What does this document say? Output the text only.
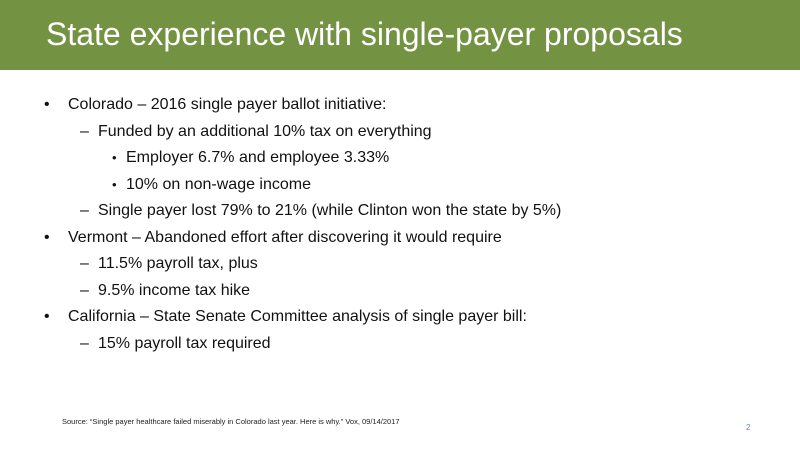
State experience with single-payer proposals
• Colorado – 2016 single payer ballot initiative:
– Funded by an additional 10% tax on everything
• Employer 6.7% and employee 3.33%
• 10% on non-wage income
– Single payer lost 79% to 21% (while Clinton won the state by 5%)
• Vermont – Abandoned effort after discovering it would require
– 11.5% payroll tax, plus
– 9.5% income tax hike
• California – State Senate Committee analysis of single payer bill:
– 15% payroll tax required
Source: “Single payer healthcare failed miserably in Colorado last year. Here is why.” Vox, 09/14/2017
2
